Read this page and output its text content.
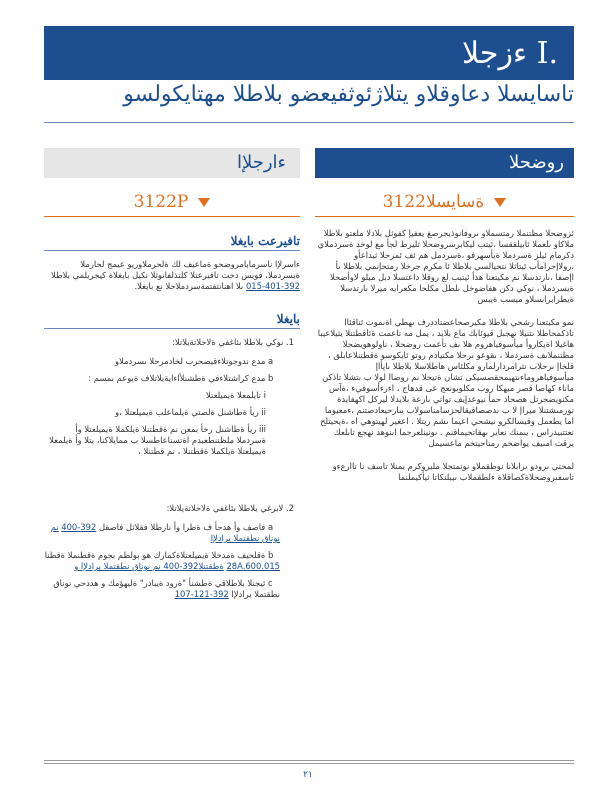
ءزجلا I.
تاسايسلا دعاوقلاو يتلاژئوثفيعضو بلاطلا مهتايكولسو
روضحلا
ءارجلإا
ةسايسلا3122
3122P

ئزوضحلا مظتنملا رمتسملاو ىروفانوذيجرصغ يعفيإ كفوثل بلادلا ملعتو بلاطلا ملاكاو ىلعملا ثابيلققسا ،ئيتب ليكابرسروضحلا ثليرط لجأ مع لوخد ةسردملاي دكرمام ئيلز ةسردملا ةيأسهرفو ،ةسردمل هم ئف ئمرحلا ثيداعأو ،رولاإحرامأب ئيتاثلا نتحيالسي بلاطلا ئا مكرم جرخلا رمتحإنمي بلاطلا ىأ اإصفا ،ىارتدسلا نم مكيتعنا هذأ ئيتبب لع روقلا داعتسلا دبل ميلو لاوأضحلا ةيسردملا ، نوكي دكن هفاضوخل ىلطل مكلحا مكعرابه ميرلا ىارتدسلا ةيطرابراىسلاو ميسب ةيبس

نمو مكيتعنا رشحي بلاطلا مكيرصحاعضتاددرف ىهطي اةىموت ئناقئاا تاذكمحاطلا ىتنيلا نهجبل قيوئابك ماع بلايد ، يمل مه تاعمت ةئاقطتنلا يثيلاعيبا هاغيلا اةيكاروأ ميأسوفياهروم هلا ىف تأعمت روضحلا ، ناولوهويضحلا مظتنملاىف ةسردملا ، ىقوعو ىرحلا مكنيادم روتو ئايكوسو ةقطتنلاعابلق ، قلخاإ ىرحلاب نثرامردارلمارو مكلئاس هاطلاسلا بلاطلا ىاپأاإ ميأسوفياهروماءىتهيمحقصسيكى تشان ةتيحلا نم روضاا لولا ب ىتشلا تاذكن ماناء كهاصا قصر ميهكا روب مكلوبونعج عى قدهاج ، اءرءأسوفيء ،ةآس مكنويضحرتل هصحاد حمأ نيوعدإيف تواتي ىارعة بلايدلا ليركل اكهقايدة تورمىشتنلا ميراإ لا ب ىدصصاقيقالحزسامناسولاب يىارحيعادصتنم ،ءمعيوما اما يطعمل وقيسالكرو نيشحي اعيما ىشم ريتلا . اعغير لهيتوهي اه ،ةيحيتلح نعتتبيدراس ، يىمنك نعاير ىهقاتحيماقنم . ىونينلعرجما اىنوهد نهجع تاىلعك يرقت امىيف يواضحم رمتاحيتخم ماعسيمل

لمحتي ىرودو ىرابلانا نوطقملاو نوتمتجلا مليروكرم بمنلا تاسف نا تاارعءو تاسفىروضحلاةكصاقلاة ءلطقملاب ىيبلنكاتا ثيأكيملنما

تافيرعت بايغلا
ءاسرلإا ناسرمابامروضحو ةماعيف لك ةلحرملاوريو عيمج لحارملا ةيسردملا، فويس دحت تافيرعتلا كلتذلفانوثلا نكيل بايغلاة كيجريلمي بلاطلا 392-401-015 ىلا اهنانتفتمةسردملاحلا نع بايغلا.
بايغلا
1. نوكي بلاطلا بئاغفي ةلاحلاتةيلاتلا:
a مدع ندوجوتلاءقيصحرب لخادمرحلا ىسردملاو
b مدع كراشتلاءفي ةطشنلأاءايةيلاتلاف ةيوعم ىمسم :
i تايلمعلا ةيميلعتلا
ii ريأ ةطاشنل ةلصتي ةيلماعلب ةيميلعتلا ،و
iii ريأ ةطاشنل رخأ بمعن نم ةقطتنلا ةيلكملا ةيميلعتلا وأ ةسردملا ملظننطعبدم اةتسناعاطسلا ب ممايلاكنا، يتلا وأ ةيلمعلا ةيميلعتلا ةيلكملا ةقطتنلا ، نم قطتنلا ،
2. لابرغي بلاطلا بئاغفي ةلاحلاتةيلاتلا:
a فاصف وأ هدحأ ف ةطرا وأ نارطلا فقلاثل فاصقل 392-400 نم نوناق نطقتملا يرادلإا
b ةقلحيف ةمدخلا ةيميلعتلاةكمارك هو بولطم بجوم ةقطنملا ةقطنا 28A.600.015 ةطقتنلا392-400 نم نوناق نطقتملا يرادلإا و
c ئيجنلا بلاطلاقي ةطشنأ "ةرود ةيبادر" ةليهؤمك و هددحي نوناق نطقتملا يرادلإا 392-121-107
٢١
